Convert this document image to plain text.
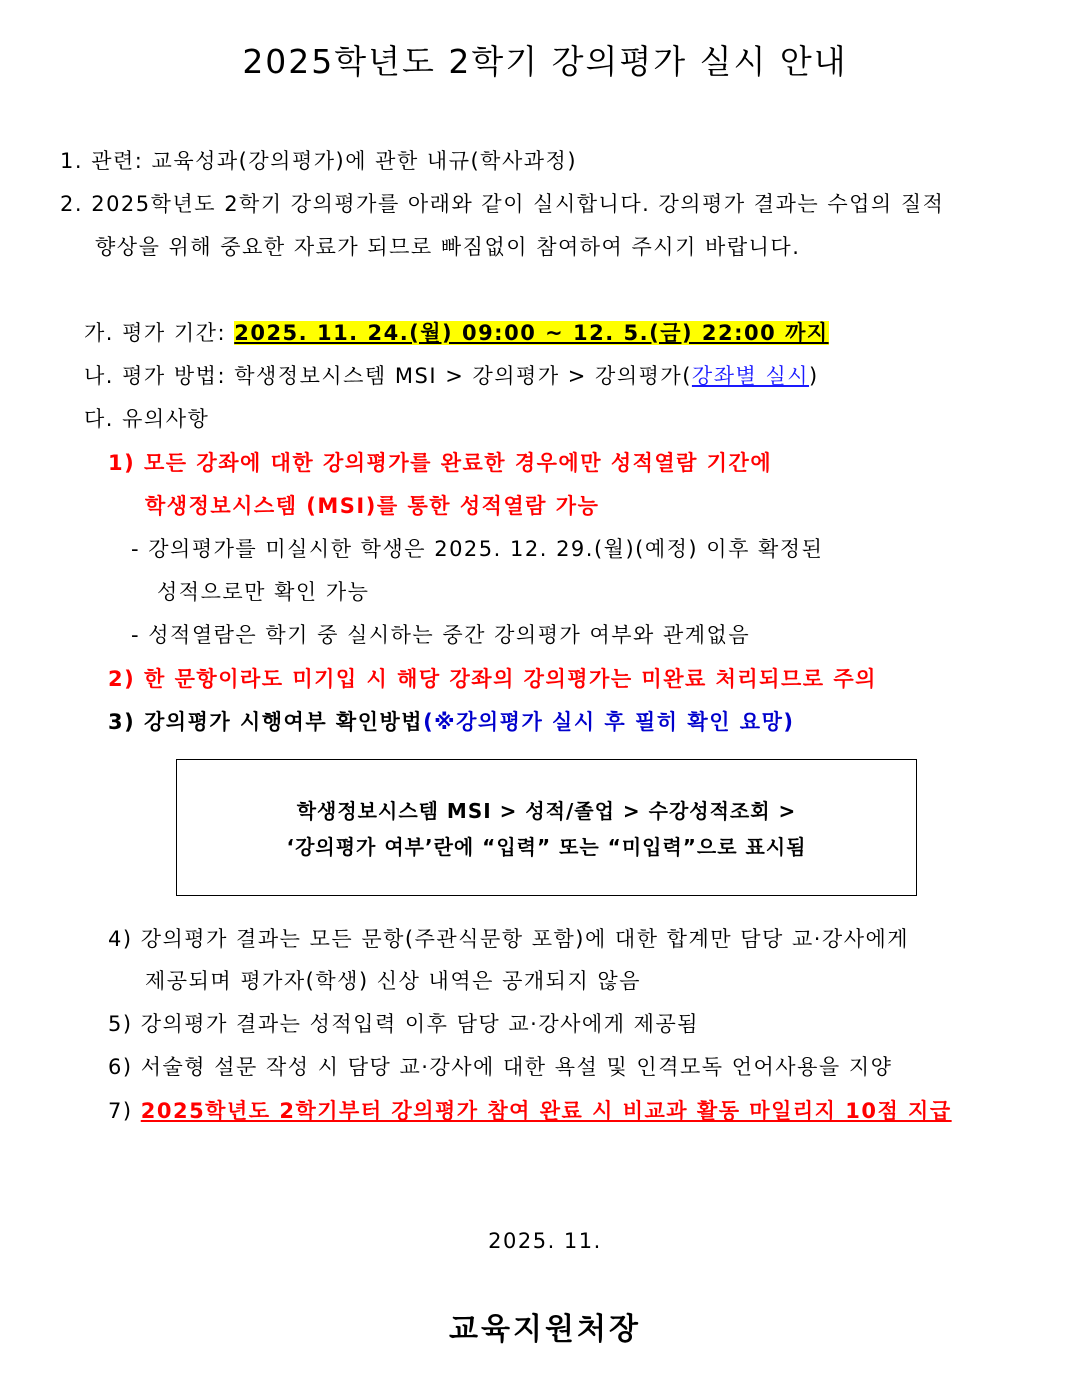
2025학년도 2학기 강의평가 실시 안내
1. 관련: 교육성과(강의평가)에 관한 내규(학사과정)
2. 2025학년도 2학기 강의평가를 아래와 같이 실시합니다. 강의평가 결과는 수업의 질적
향상을 위해 중요한 자료가 되므로 빠짐없이 참여하여 주시기 바랍니다.
가. 평가 기간: 2025. 11. 24.(월) 09:00 ~ 12. 5.(금) 22:00 까지
나. 평가 방법: 학생정보시스템 MSI > 강의평가 > 강의평가(강좌별 실시)
다. 유의사항
1) 모든 강좌에 대한 강의평가를 완료한 경우에만 성적열람 기간에
학생정보시스템 (MSI)를 통한 성적열람 가능
- 강의평가를 미실시한 학생은 2025. 12. 29.(월)(예정) 이후 확정된
성적으로만 확인 가능
- 성적열람은 학기 중 실시하는 중간 강의평가 여부와 관계없음
2) 한 문항이라도 미기입 시 해당 강좌의 강의평가는 미완료 처리되므로 주의
3) 강의평가 시행여부 확인방법(※강의평가 실시 후 필히 확인 요망)
학생정보시스템 MSI > 성적/졸업 > 수강성적조회 >
‘강의평가 여부’란에 “입력” 또는 “미입력”으로 표시됨
4) 강의평가 결과는 모든 문항(주관식문항 포함)에 대한 합계만 담당 교·강사에게
제공되며 평가자(학생) 신상 내역은 공개되지 않음
5) 강의평가 결과는 성적입력 이후 담당 교·강사에게 제공됨
6) 서술형 설문 작성 시 담당 교·강사에 대한 욕설 및 인격모독 언어사용을 지양
7) 2025학년도 2학기부터 강의평가 참여 완료 시 비교과 활동 마일리지 10점 지급
2025. 11.
교육지원처장
